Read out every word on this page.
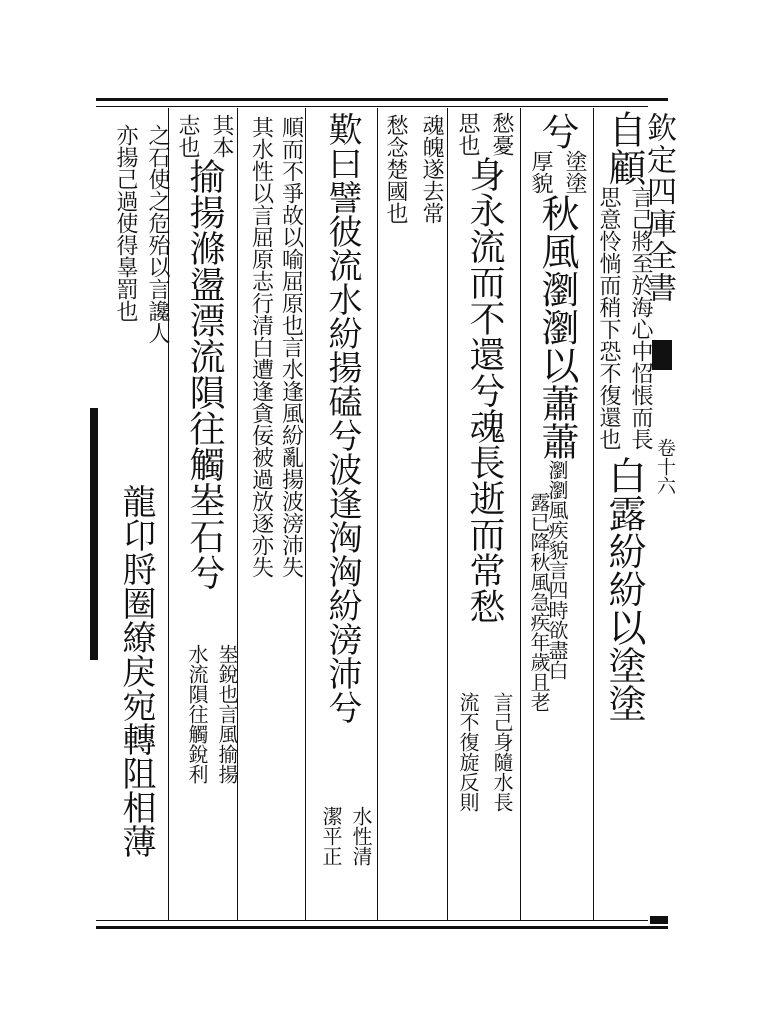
欽定四庫全書
卷十六
自顧
言己將至於海心中怊悵而長
思意怜惝而稍下恐不復還也
白露紛紛以塗塗
兮
塗塗
厚貌
秋風瀏瀏以蕭蕭
瀏瀏風疾貌言四時欲盡白
露已降秋風急疾年歲且老
愁憂
思也
身永流而不還兮魂長逝而常愁
言己身隨水長
流不復旋反則
魂魄遂去常
愁念楚國也
歎曰譬彼流水紛揚磕兮波逢洶洶紛滂沛兮
水性清
潔平正
順而不爭故以喻屈原也言水逢風紛亂揚波滂沛失
其水性以言屈原志行清白遭逢貪佞被過放逐亦失
其本
志也
揄揚滌盪漂流隕往觸峚石兮
峚銳也言風揄揚
水流隕往觸銳利
之石使之危殆以言讒人
亦揚己過使得辠罰也
龍卬脟圈繚戾宛轉阻相薄
